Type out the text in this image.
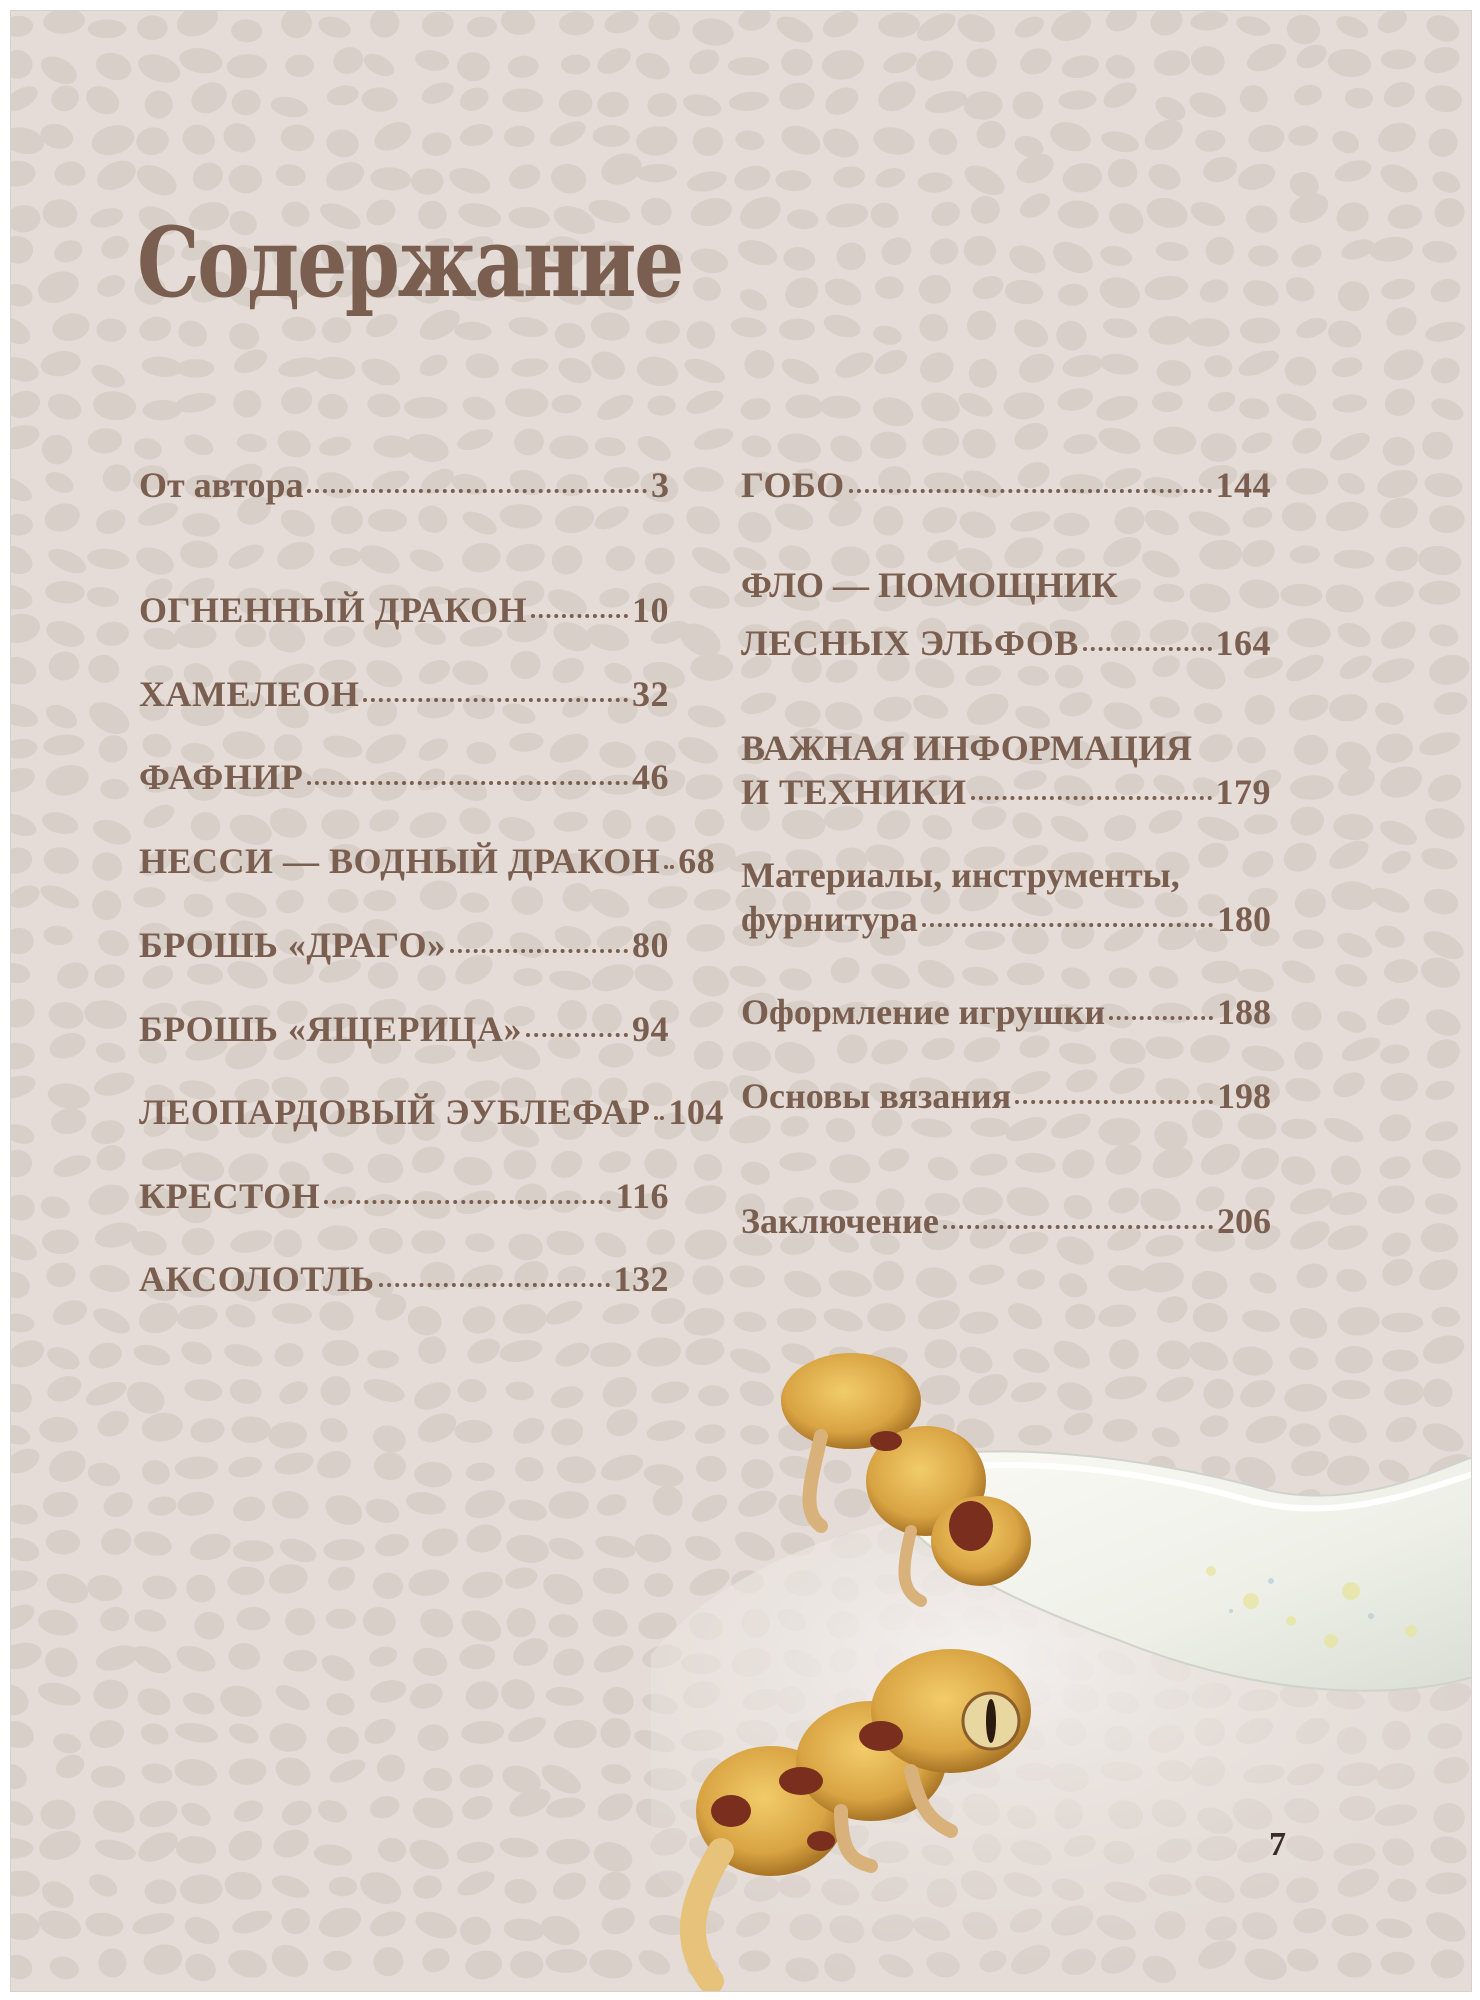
Содержание
От автора	3
ОГНЕННЫЙ ДРАКОН	10
ХАМЕЛЕОН	32
ФАФНИР	46
НЕССИ — ВОДНЫЙ ДРАКОН 68
БРОШЬ «ДРАГО»	80
БРОШЬ «ЯЩЕРИЦА»	94
ЛЕОПАРДОВЫЙ ЭУБЛЕФАР 104
КРЕСТОН	116
АКСОЛОТЛЬ	132
ГОБО	144
ФЛО — ПОМОЩНИК
ЛЕСНЫХ ЭЛЬФОВ	164
ВАЖНАЯ ИНФОРМАЦИЯ
И ТЕХНИКИ	179
Материалы, инструменты,
фурнитура	180
Оформление игрушки	188
Основы вязания	198
Заключение	206
7
